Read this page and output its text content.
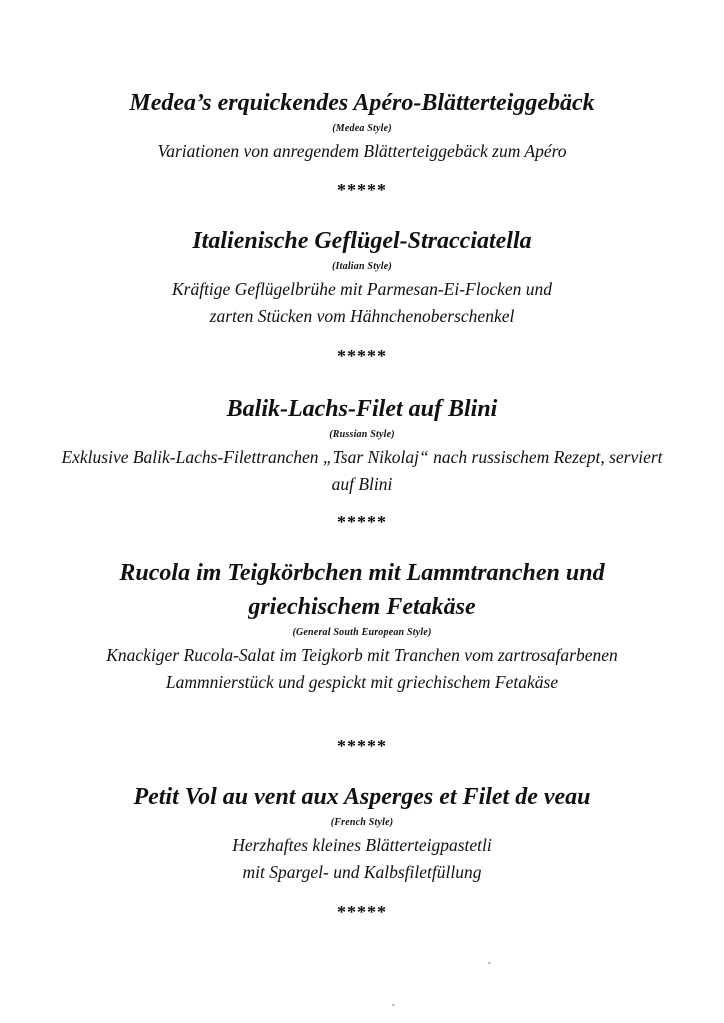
Medea’s erquickendes Apéro-Blätterteiggebäck
(Medea Style)

Variationen von anregendem Blätterteiggebäck zum Apéro

*****
Italienische Geflügel-Stracciatella
(Italian Style)

Kräftige Geflügelbrühe mit Parmesan-Ei-Flocken und zarten Stücken vom Hähnchenoberschenkel

*****
Balik-Lachs-Filet auf Blini
(Russian Style)

Exklusive Balik-Lachs-Filettranchen „Tsar Nikolaj“ nach russischem Rezept, serviert auf Blini

*****
Rucola im Teigkörbchen mit Lammtranchen und griechischem Fetakäse
(General South European Style)

Knackiger Rucola-Salat im Teigkorb mit Tranchen vom zartrosafarbenen Lammnierstück und gespickt mit griechischem Fetakäse

*****
Petit Vol au vent aux Asperges et Filet de veau
(French Style)

Herzhaftes kleines Blätterteigpastetli mit Spargel- und Kalbsfiletfüllung

*****
